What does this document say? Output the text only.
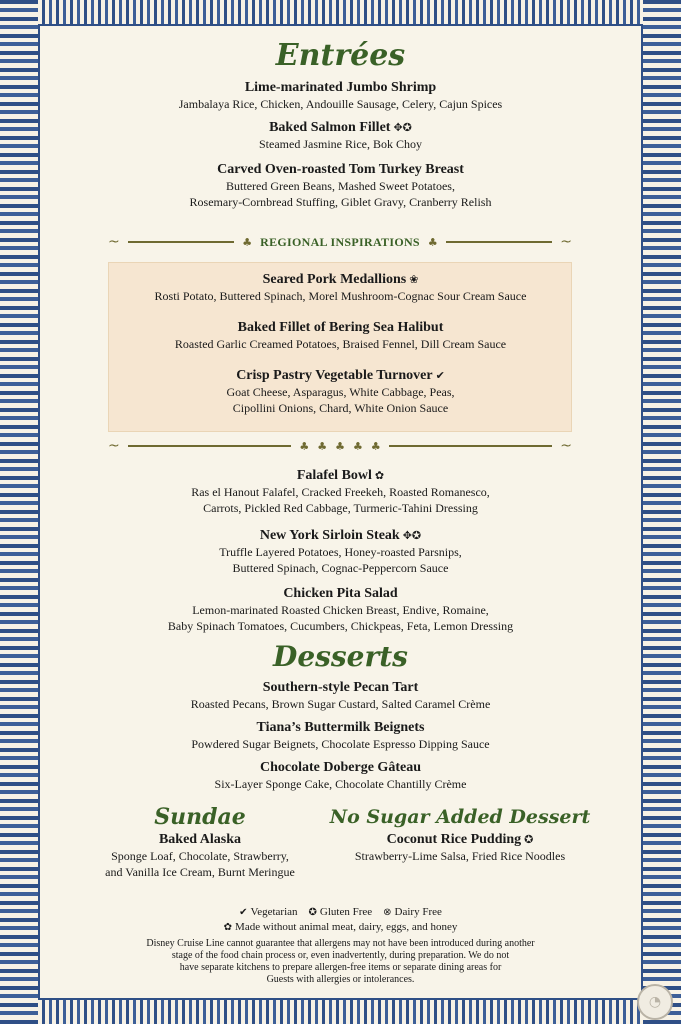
Entrées
Lime-marinated Jumbo Shrimp
Jambalaya Rice, Chicken, Andouille Sausage, Celery, Cajun Spices
Baked Salmon Fillet ✥✪
Steamed Jasmine Rice, Bok Choy
Carved Oven-roasted Tom Turkey Breast
Buttered Green Beans, Mashed Sweet Potatoes,
Rosemary-Cornbread Stuffing, Giblet Gravy, Cranberry Relish
~	♣ REGIONAL INSPIRATIONS ♣	~
Seared Pork Medallions ❀
Rosti Potato, Buttered Spinach, Morel Mushroom-Cognac Sour Cream Sauce
Baked Fillet of Bering Sea Halibut
Roasted Garlic Creamed Potatoes, Braised Fennel, Dill Cream Sauce
Crisp Pastry Vegetable Turnover ✔
Goat Cheese, Asparagus, White Cabbage, Peas,
Cipollini Onions, Chard, White Onion Sauce
~	♣ ♣ ♣ ♣ ♣	~
Falafel Bowl ✿
Ras el Hanout Falafel, Cracked Freekeh, Roasted Romanesco,
Carrots, Pickled Red Cabbage, Turmeric-Tahini Dressing
New York Sirloin Steak ✥✪
Truffle Layered Potatoes, Honey-roasted Parsnips,
Buttered Spinach, Cognac-Peppercorn Sauce
Chicken Pita Salad
Lemon-marinated Roasted Chicken Breast, Endive, Romaine,
Baby Spinach Tomatoes, Cucumbers, Chickpeas, Feta, Lemon Dressing
Desserts
Southern-style Pecan Tart
Roasted Pecans, Brown Sugar Custard, Salted Caramel Crème
Tiana’s Buttermilk Beignets
Powdered Sugar Beignets, Chocolate Espresso Dipping Sauce
Chocolate Doberge Gâteau
Six-Layer Sponge Cake, Chocolate Chantilly Crème
Sundae
Baked Alaska
Sponge Loaf, Chocolate, Strawberry,
and Vanilla Ice Cream, Burnt Meringue
No Sugar Added Dessert
Coconut Rice Pudding ✪
Strawberry-Lime Salsa, Fried Rice Noodles
✔ Vegetarian ✪ Gluten Free ⊗ Dairy Free
✿ Made without animal meat, dairy, eggs, and honey
Disney Cruise Line cannot guarantee that allergens may not have been introduced during another
stage of the food chain process or, even inadvertently, during preparation. We do not
have separate kitchens to prepare allergen-free items or separate dining areas for
Guests with allergies or intolerances.
◔
